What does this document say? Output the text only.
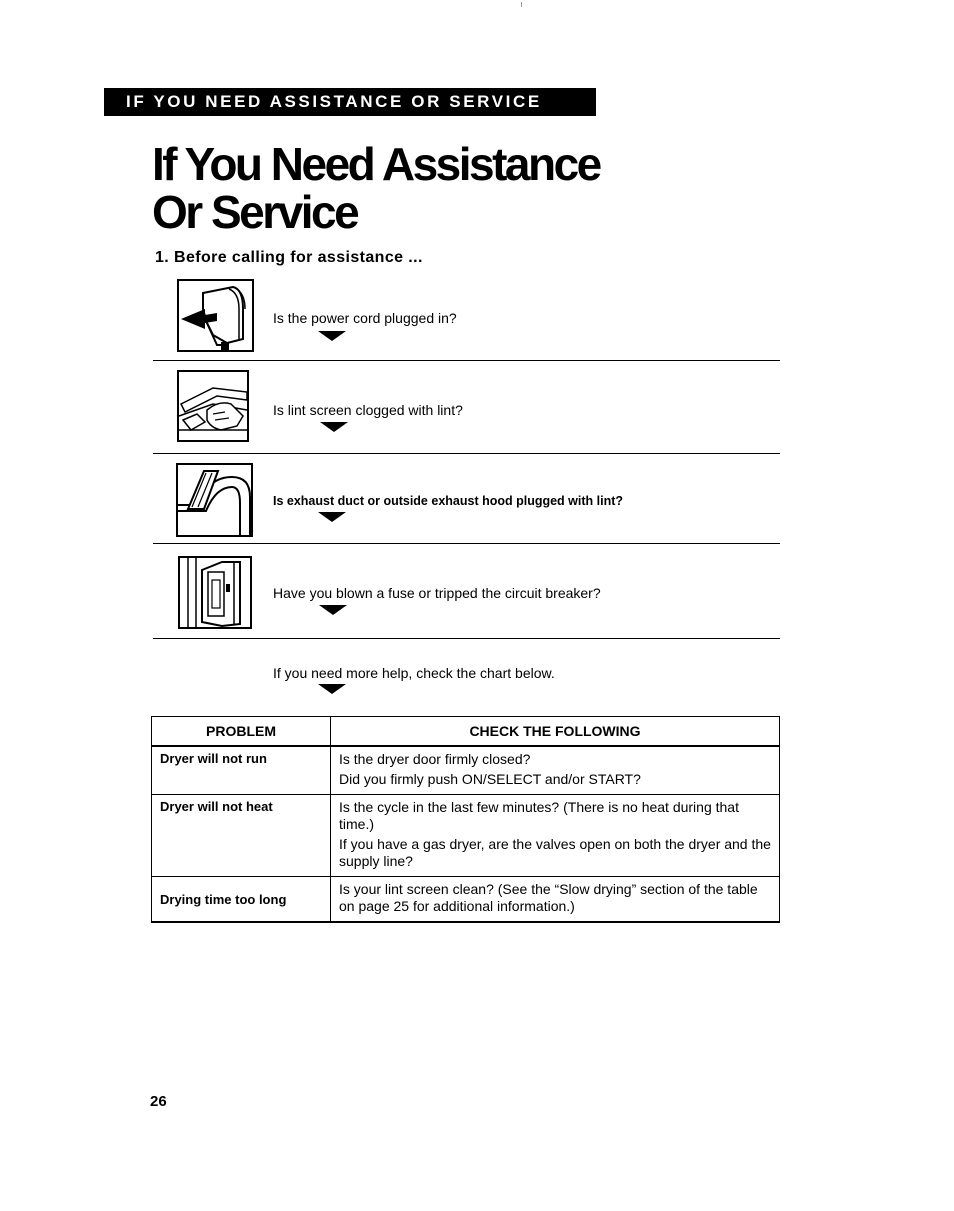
IF YOU NEED ASSISTANCE OR SERVICE
If You Need Assistance
Or Service
1. Before calling for assistance ...
Is the power cord plugged in?
Is lint screen clogged with lint?
Is exhaust duct or outside exhaust hood plugged with lint?
Have you blown a fuse or tripped the circuit breaker?
If you need more help, check the chart below.
PROBLEM	CHECK THE FOLLOWING
Dryer will not run	Is the dryer door firmly closed?
Did you firmly push ON/SELECT and/or START?

Dryer will not heat	Is the cycle in the last few minutes? (There is no heat during that time.)
If you have a gas dryer, are the valves open on both the dryer and the supply line?

Drying time too long	Is your lint screen clean? (See the “Slow drying” section of the table on page 25 for additional information.)
26
